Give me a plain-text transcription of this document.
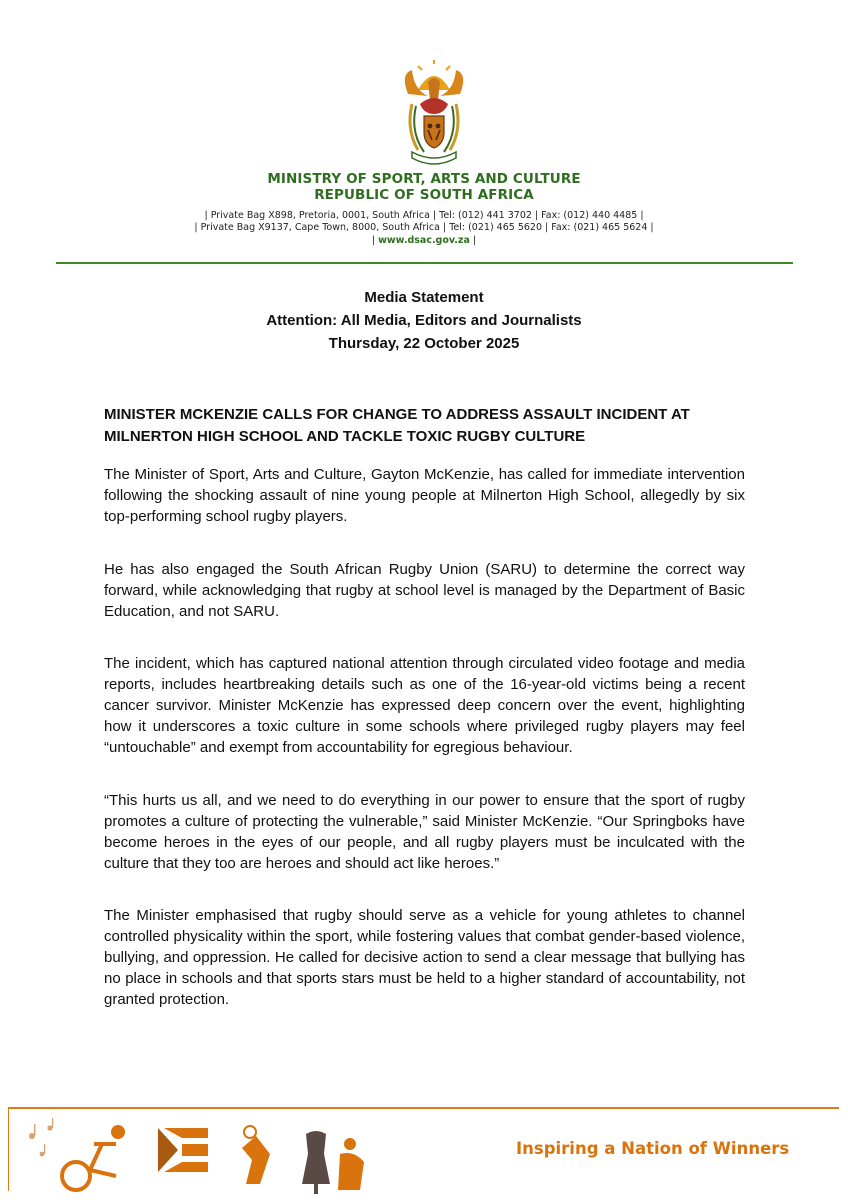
MINISTRY OF SPORT, ARTS AND CULTURE
REPUBLIC OF SOUTH AFRICA
| Private Bag X898, Pretoria, 0001, South Africa | Tel: (012) 441 3702 | Fax: (012) 440 4485 |
| Private Bag X9137, Cape Town, 8000, South Africa | Tel: (021) 465 5620 | Fax: (021) 465 5624 |
| www.dsac.gov.za |
Media Statement
Attention: All Media, Editors and Journalists
Thursday, 22 October 2025
MINISTER MCKENZIE CALLS FOR CHANGE TO ADDRESS ASSAULT INCIDENT AT MILNERTON HIGH SCHOOL AND TACKLE TOXIC RUGBY CULTURE
The Minister of Sport, Arts and Culture, Gayton McKenzie, has called for immediate intervention following the shocking assault of nine young people at Milnerton High School, allegedly by six top-performing school rugby players.
He has also engaged the South African Rugby Union (SARU) to determine the correct way forward, while acknowledging that rugby at school level is managed by the Department of Basic Education, and not SARU.
The incident, which has captured national attention through circulated video footage and media reports, includes heartbreaking details such as one of the 16-year-old victims being a recent cancer survivor. Minister McKenzie has expressed deep concern over the event, highlighting how it underscores a toxic culture in some schools where privileged rugby players may feel “untouchable” and exempt from accountability for egregious behaviour.
“This hurts us all, and we need to do everything in our power to ensure that the sport of rugby promotes a culture of protecting the vulnerable,” said Minister McKenzie. “Our Springboks have become heroes in the eyes of our people, and all rugby players must be inculcated with the culture that they too are heroes and should act like heroes.”
The Minister emphasised that rugby should serve as a vehicle for young athletes to channel controlled physicality within the sport, while fostering values that combat gender-based violence, bullying, and oppression. He called for decisive action to send a clear message that bullying has no place in schools and that sports stars must be held to a higher standard of accountability, not granted protection.
Inspiring a Nation of Winners
